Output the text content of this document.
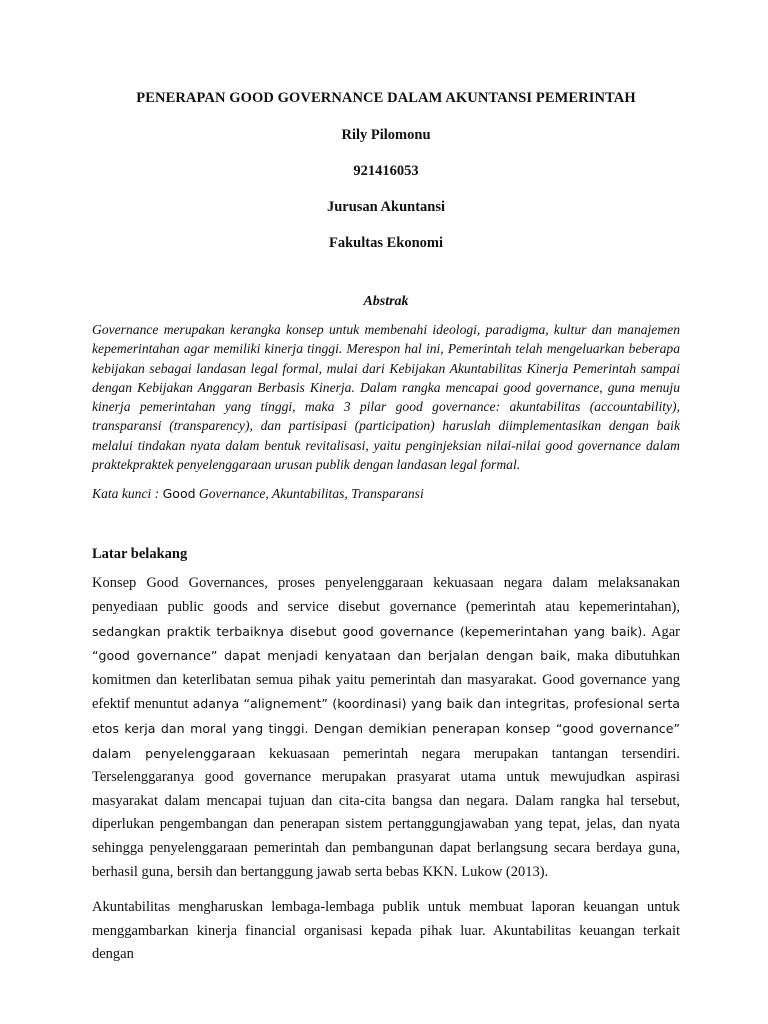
PENERAPAN GOOD GOVERNANCE DALAM AKUNTANSI PEMERINTAH
Rily Pilomonu
921416053
Jurusan Akuntansi
Fakultas Ekonomi
Abstrak
Governance merupakan kerangka konsep untuk membenahi ideologi, paradigma, kultur dan manajemen kepemerintahan agar memiliki kinerja tinggi. Merespon hal ini, Pemerintah telah mengeluarkan beberapa kebijakan sebagai landasan legal formal, mulai dari Kebijakan Akuntabilitas Kinerja Pemerintah sampai dengan Kebijakan Anggaran Berbasis Kinerja. Dalam rangka mencapai good governance, guna menuju kinerja pemerintahan yang tinggi, maka 3 pilar good governance: akuntabilitas (accountability), transparansi (transparency), dan partisipasi (participation) haruslah diimplementasikan dengan baik melalui tindakan nyata dalam bentuk revitalisasi, yaitu penginjeksian nilai-nilai good governance dalam praktekpraktek penyelenggaraan urusan publik dengan landasan legal formal.
Kata kunci : Good Governance, Akuntabilitas, Transparansi
Latar belakang
Konsep Good Governances, proses penyelenggaraan kekuasaan negara dalam melaksanakan penyediaan public goods and service disebut governance (pemerintah atau kepemerintahan), sedangkan praktik terbaiknya disebut good governance (kepemerintahan yang baik). Agar “good governance” dapat menjadi kenyataan dan berjalan dengan baik, maka dibutuhkan komitmen dan keterlibatan semua pihak yaitu pemerintah dan masyarakat. Good governance yang efektif menuntut adanya “alignement” (koordinasi) yang baik dan integritas, profesional serta etos kerja dan moral yang tinggi. Dengan demikian penerapan konsep “good governance” dalam penyelenggaraan kekuasaan pemerintah negara merupakan tantangan tersendiri. Terselenggaranya good governance merupakan prasyarat utama untuk mewujudkan aspirasi masyarakat dalam mencapai tujuan dan cita-cita bangsa dan negara. Dalam rangka hal tersebut, diperlukan pengembangan dan penerapan sistem pertanggungjawaban yang tepat, jelas, dan nyata sehingga penyelenggaraan pemerintah dan pembangunan dapat berlangsung secara berdaya guna, berhasil guna, bersih dan bertanggung jawab serta bebas KKN. Lukow (2013).
Akuntabilitas mengharuskan lembaga-lembaga publik untuk membuat laporan keuangan untuk menggambarkan kinerja financial organisasi kepada pihak luar. Akuntabilitas keuangan terkait dengan
